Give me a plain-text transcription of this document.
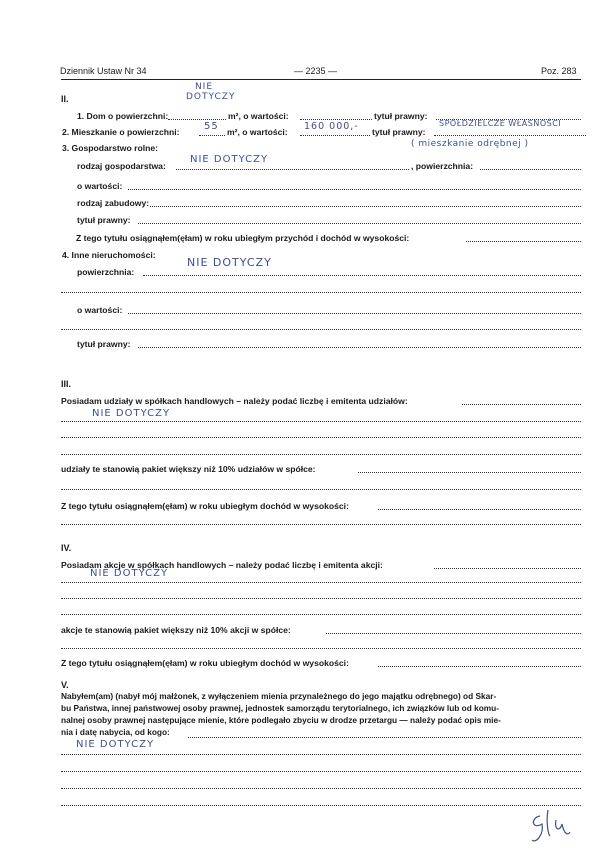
Dziennik Ustaw Nr 34	— 2235 —	Poz. 283
II.
NIE DOTYCZY
1. Dom o powierzchni:	m², o wartości:	tytuł prawny:
2. Mieszkanie o powierzchni: 55 m², o wartości: 160 000,- tytuł prawny:
SPÓŁDZIELCZE WŁASNOŚCI
( mieszkanie odrębnej )
3. Gospodarstwo rolne:
rodzaj gospodarstwa:
NIE DOTYCZY
, powierzchnia:
o wartości:
rodzaj zabudowy:
tytuł prawny:
Z tego tytułu osiągnąłem(ęłam) w roku ubiegłym przychód i dochód w wysokości:
4. Inne nieruchomości:
powierzchnia:
NIE DOTYCZY
o wartości:
tytuł prawny:
III.
Posiadam udziały w spółkach handlowych – należy podać liczbę i emitenta udziałów:
NIE DOTYCZY
udziały te stanowią pakiet większy niż 10% udziałów w spółce:
Z tego tytułu osiągnąłem(ęłam) w roku ubiegłym dochód w wysokości:
IV.
Posiadam akcje w spółkach handlowych – należy podać liczbę i emitenta akcji:
NIE DOTYCZY
akcje te stanowią pakiet większy niż 10% akcji w spółce:
Z tego tytułu osiągnąłem(ęłam) w roku ubiegłym dochód w wysokości:
V.
Nabyłem(am) (nabył mój małżonek, z wyłączeniem mienia przynależnego do jego majątku odrębnego) od Skar-
bu Państwa, innej państwowej osoby prawnej, jednostek samorządu terytorialnego, ich związków lub od komu-
nalnej osoby prawnej następujące mienie, które podlegało zbyciu w drodze przetargu — należy podać opis mie-
nia i datę nabycia, od kogo:
NIE DOTYCZY
